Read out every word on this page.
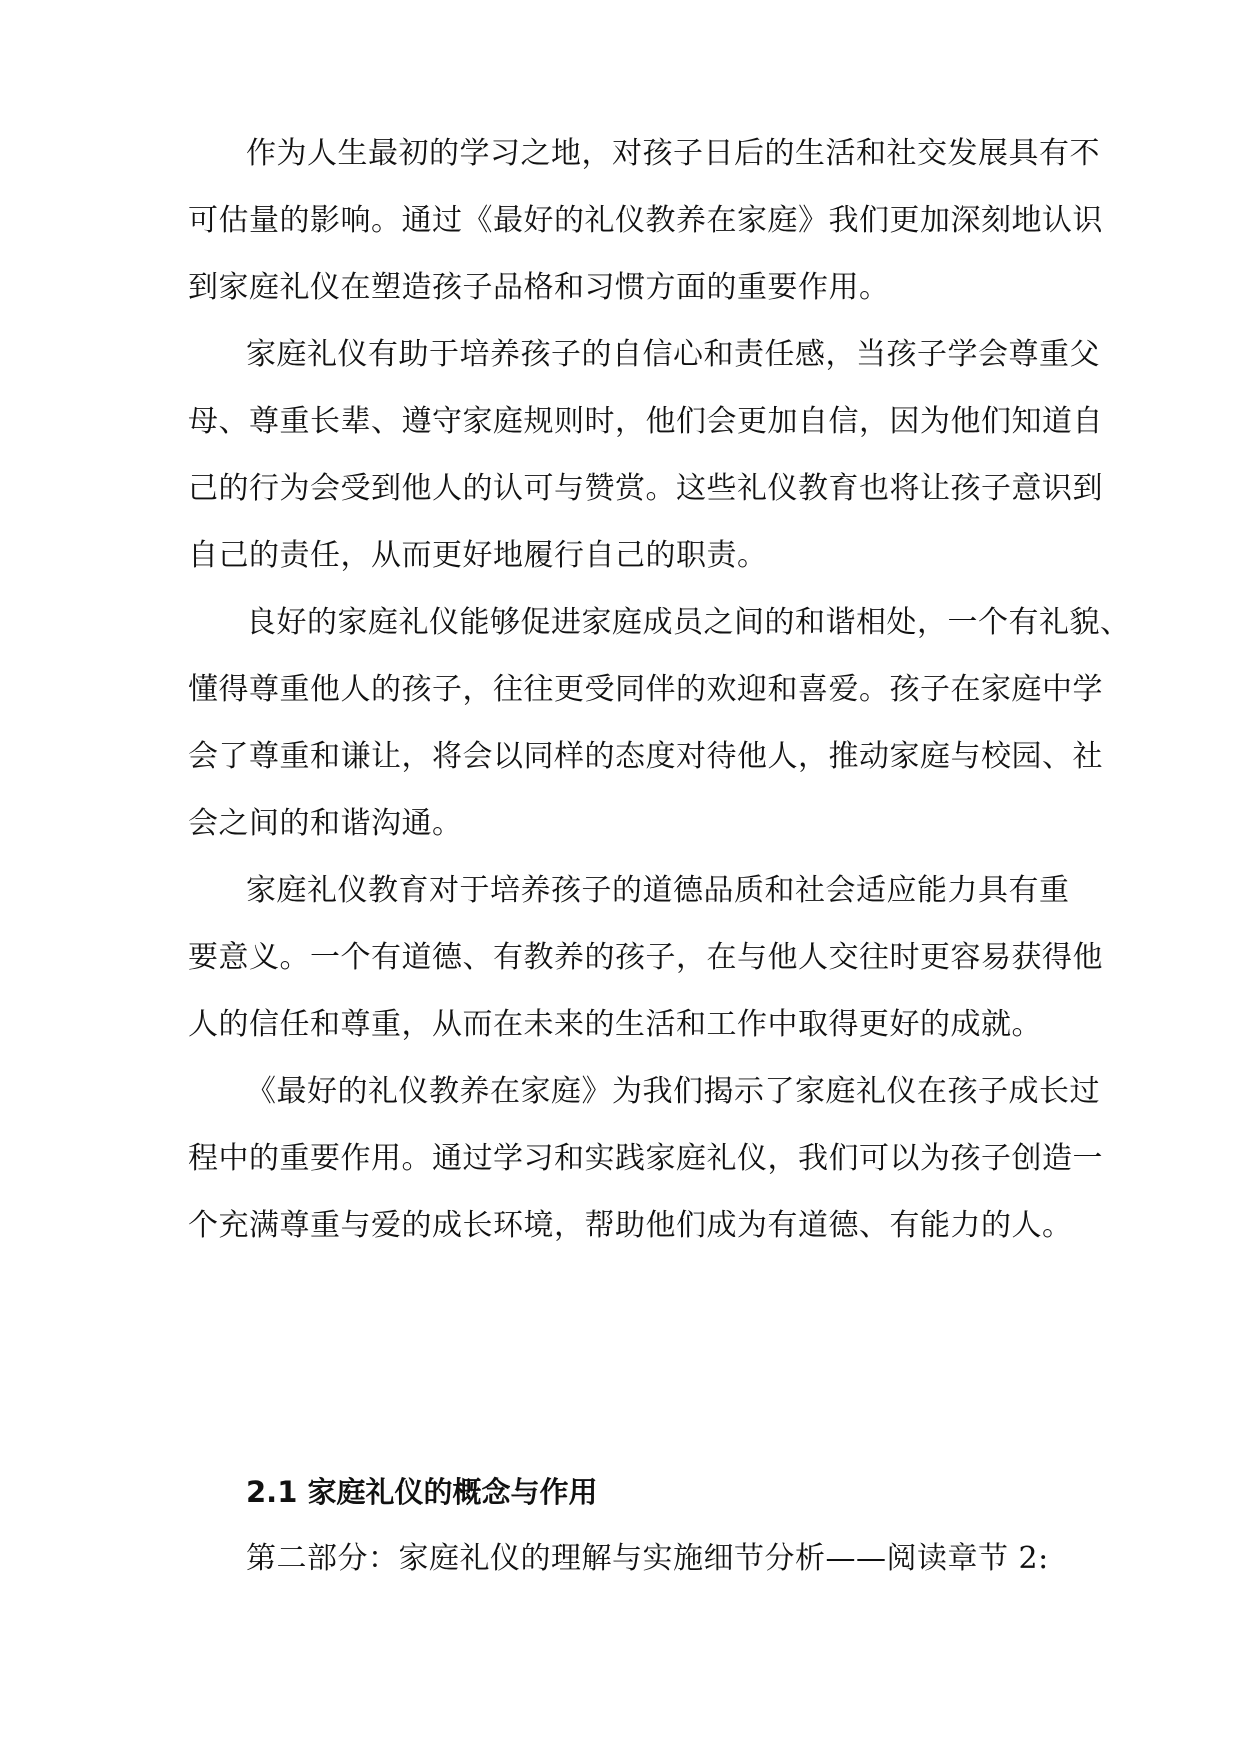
作为人生最初的学习之地，对孩子日后的生活和社交发展具有不
可估量的影响。通过《最好的礼仪教养在家庭》我们更加深刻地认识
到家庭礼仪在塑造孩子品格和习惯方面的重要作用。
家庭礼仪有助于培养孩子的自信心和责任感，当孩子学会尊重父
母、尊重长辈、遵守家庭规则时，他们会更加自信，因为他们知道自
己的行为会受到他人的认可与赞赏。这些礼仪教育也将让孩子意识到
自己的责任，从而更好地履行自己的职责。
良好的家庭礼仪能够促进家庭成员之间的和谐相处，一个有礼貌、
懂得尊重他人的孩子，往往更受同伴的欢迎和喜爱。孩子在家庭中学
会了尊重和谦让，将会以同样的态度对待他人，推动家庭与校园、社
会之间的和谐沟通。
家庭礼仪教育对于培养孩子的道德品质和社会适应能力具有重
要意义。一个有道德、有教养的孩子，在与他人交往时更容易获得他
人的信任和尊重，从而在未来的生活和工作中取得更好的成就。
《最好的礼仪教养在家庭》为我们揭示了家庭礼仪在孩子成长过
程中的重要作用。通过学习和实践家庭礼仪，我们可以为孩子创造一
个充满尊重与爱的成长环境，帮助他们成为有道德、有能力的人。
2.1 家庭礼仪的概念与作用
第二部分：家庭礼仪的理解与实施细节分析——阅读章节 2:
